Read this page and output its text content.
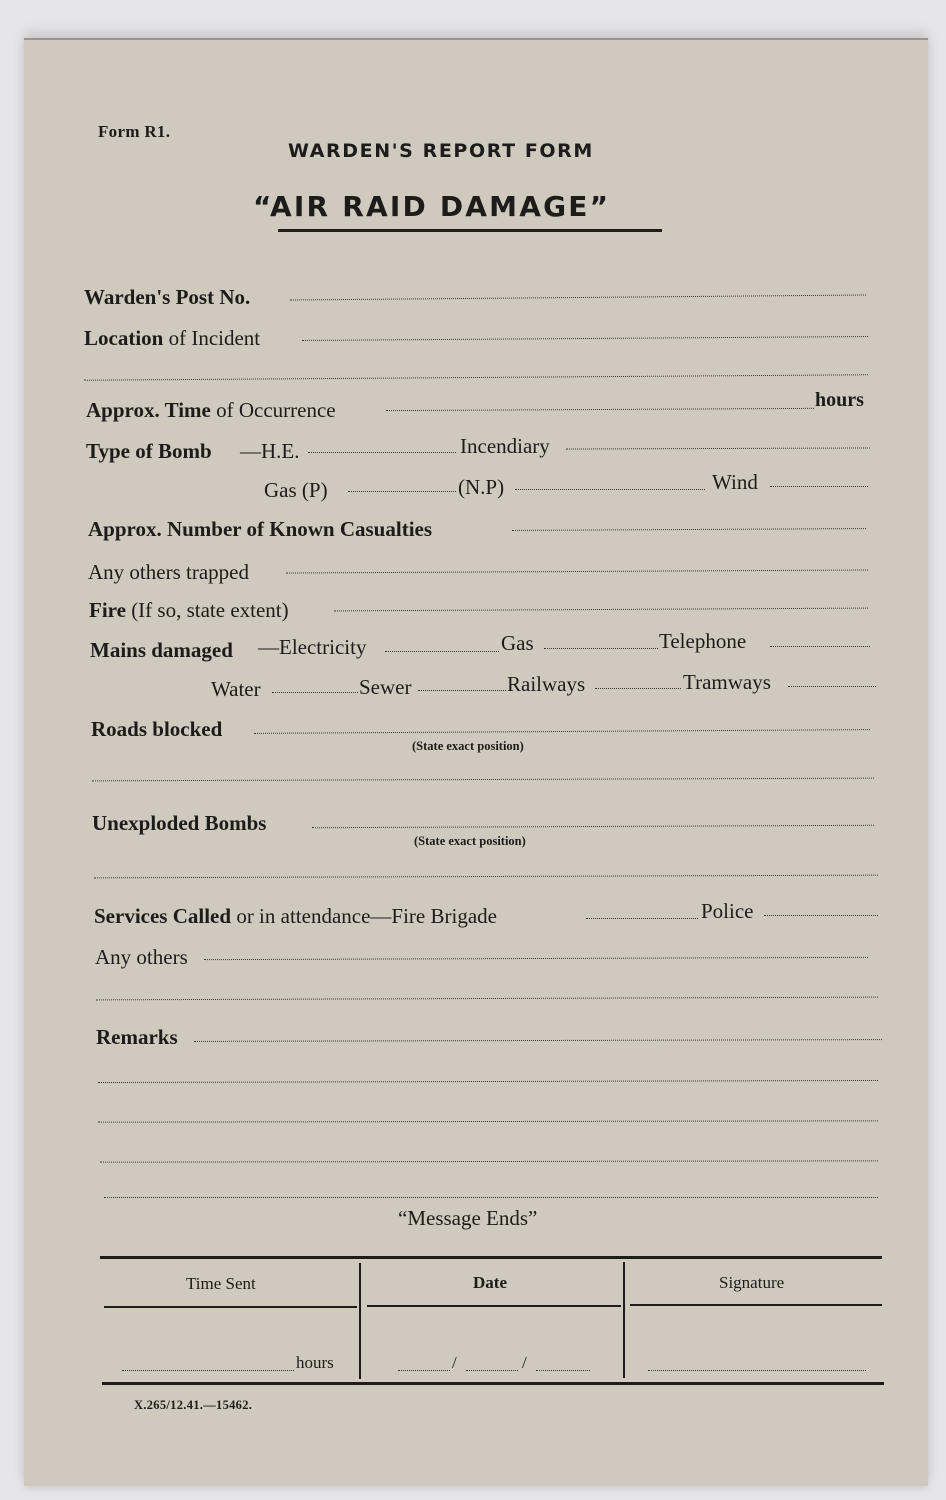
Form R1.
WARDEN'S REPORT FORM
“AIR RAID DAMAGE”
Warden's Post No.
Location of Incident
Approx. Time of Occurrence	hours
Type of Bomb —H.E.	Incendiary
Gas (P)	(N.P)	Wind
Approx. Number of Known Casualties
Any others trapped
Fire (If so, state extent)
Mains damaged —Electricity	Gas	Telephone
Water	Sewer	Railways	Tramways
Roads blocked
(State exact position)
Unexploded Bombs
(State exact position)
Services Called or in attendance—Fire Brigade	Police
Any others
Remarks
“Message Ends”
Time Sent	Date	Signature
hours	/	/
X.265/12.41.—15462.
